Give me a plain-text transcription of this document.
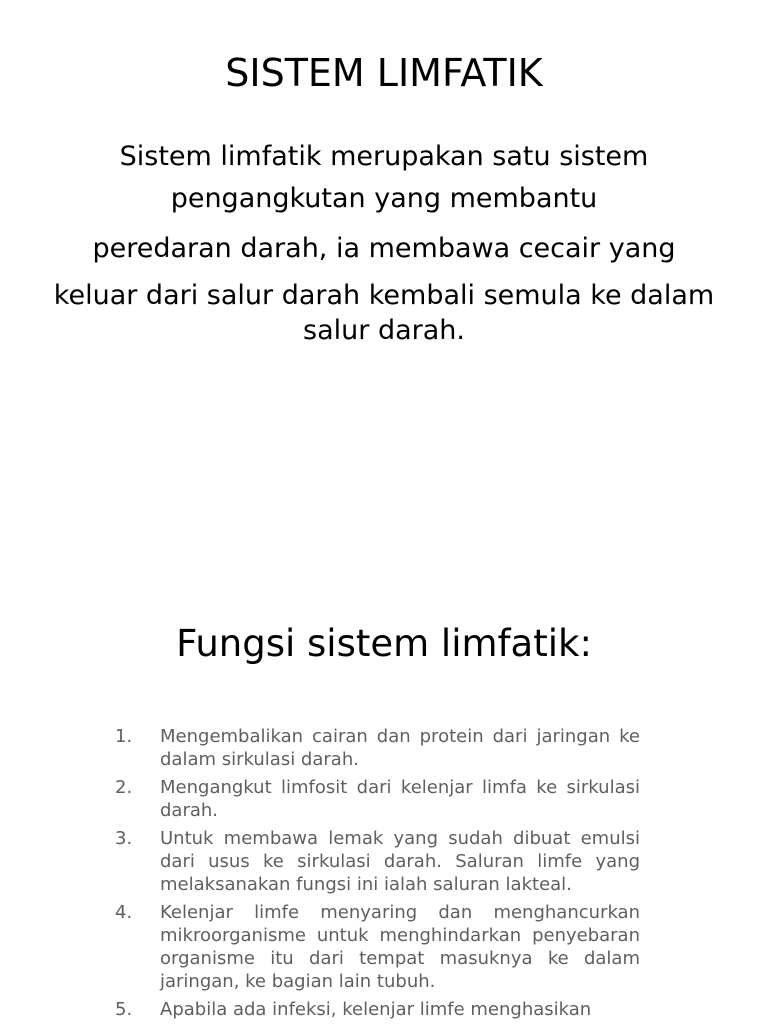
SISTEM LIMFATIK

Sistem limfatik merupakan satu sistem
pengangkutan yang membantu
peredaran darah, ia membawa cecair yang
keluar dari salur darah kembali semula ke dalam
salur darah.

Fungsi sistem limfatik:
1.	Mengembalikan cairan dan protein dari jaringan ke dalam sirkulasi darah.
2.	Mengangkut limfosit dari kelenjar limfa ke sirkulasi darah.
3.	Untuk membawa lemak yang sudah dibuat emulsi dari usus ke sirkulasi darah. Saluran limfe yang melaksanakan fungsi ini ialah saluran lakteal.
4.	Kelenjar limfe menyaring dan menghancurkan mikroorganisme untuk menghindarkan penyebaran organisme itu dari tempat masuknya ke dalam jaringan, ke bagian lain tubuh.
5.	Apabila ada infeksi, kelenjar limfe menghasikan
